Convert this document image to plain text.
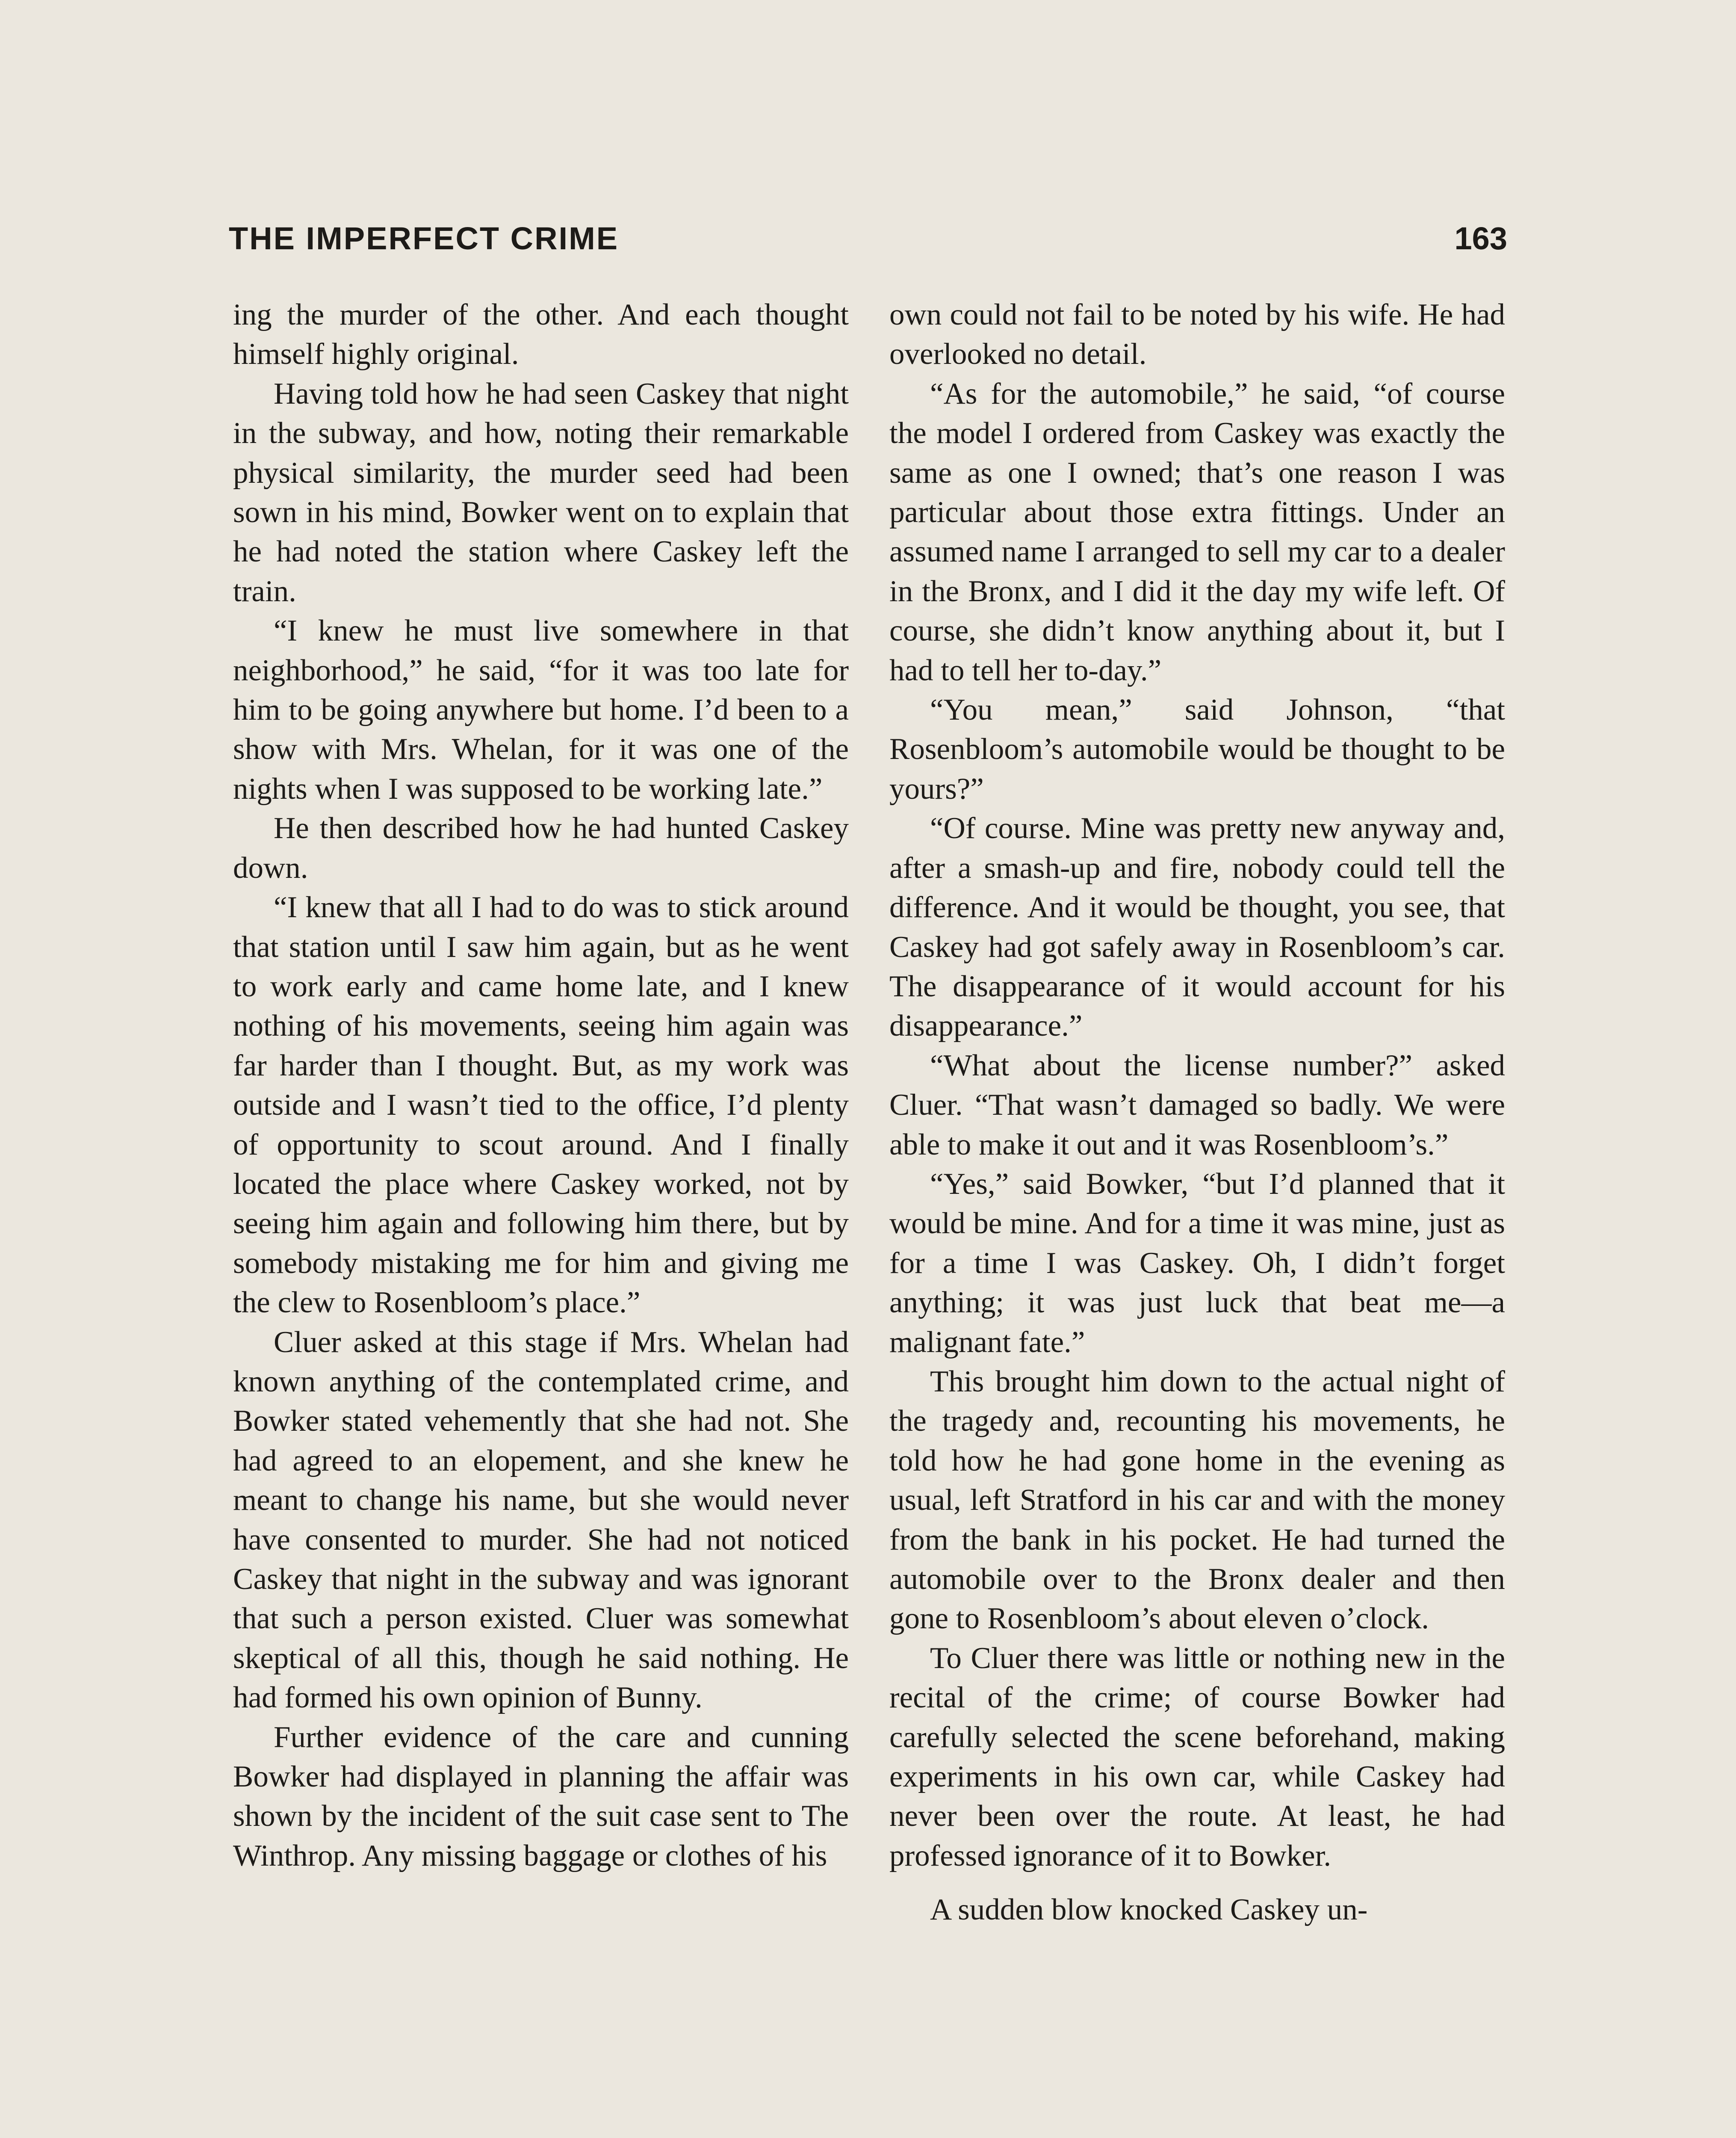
THE IMPERFECT CRIME	163

ing the murder of the other. And each thought himself highly original.

Having told how he had seen Caskey that night in the subway, and how, noting their remarkable physical similarity, the murder seed had been sown in his mind, Bowker went on to explain that he had noted the station where Caskey left the train.

“I knew he must live somewhere in that neighborhood,” he said, “for it was too late for him to be going anywhere but home. I’d been to a show with Mrs. Whelan, for it was one of the nights when I was supposed to be working late.”

He then described how he had hunted Caskey down.

“I knew that all I had to do was to stick around that station until I saw him again, but as he went to work early and came home late, and I knew nothing of his movements, seeing him again was far harder than I thought. But, as my work was outside and I wasn’t tied to the office, I’d plenty of opportunity to scout around. And I finally located the place where Caskey worked, not by seeing him again and following him there, but by somebody mistaking me for him and giving me the clew to Rosenbloom’s place.”

Cluer asked at this stage if Mrs. Whelan had known anything of the contemplated crime, and Bowker stated vehemently that she had not. She had agreed to an elopement, and she knew he meant to change his name, but she would never have consented to murder. She had not noticed Caskey that night in the subway and was ignorant that such a person existed. Cluer was somewhat skeptical of all this, though he said nothing. He had formed his own opinion of Bunny.

Further evidence of the care and cunning Bowker had displayed in planning the affair was shown by the incident of the suit case sent to The Winthrop. Any missing baggage or clothes of his

own could not fail to be noted by his wife. He had overlooked no detail.

“As for the automobile,” he said, “of course the model I ordered from Caskey was exactly the same as one I owned; that’s one reason I was particular about those extra fittings. Under an assumed name I arranged to sell my car to a dealer in the Bronx, and I did it the day my wife left. Of course, she didn’t know anything about it, but I had to tell her to-day.”

“You mean,” said Johnson, “that Rosenbloom’s automobile would be thought to be yours?”

“Of course. Mine was pretty new anyway and, after a smash-up and fire, nobody could tell the difference. And it would be thought, you see, that Caskey had got safely away in Rosenbloom’s car. The disappearance of it would account for his disappearance.”

“What about the license number?” asked Cluer. “That wasn’t damaged so badly. We were able to make it out and it was Rosenbloom’s.”

“Yes,” said Bowker, “but I’d planned that it would be mine. And for a time it was mine, just as for a time I was Caskey. Oh, I didn’t forget anything; it was just luck that beat me—a malignant fate.”

This brought him down to the actual night of the tragedy and, recounting his movements, he told how he had gone home in the evening as usual, left Stratford in his car and with the money from the bank in his pocket. He had turned the automobile over to the Bronx dealer and then gone to Rosenbloom’s about eleven o’clock.

To Cluer there was little or nothing new in the recital of the crime; of course Bowker had carefully selected the scene beforehand, making experiments in his own car, while Caskey had never been over the route. At least, he had professed ignorance of it to Bowker.

A sudden blow knocked Caskey un-
